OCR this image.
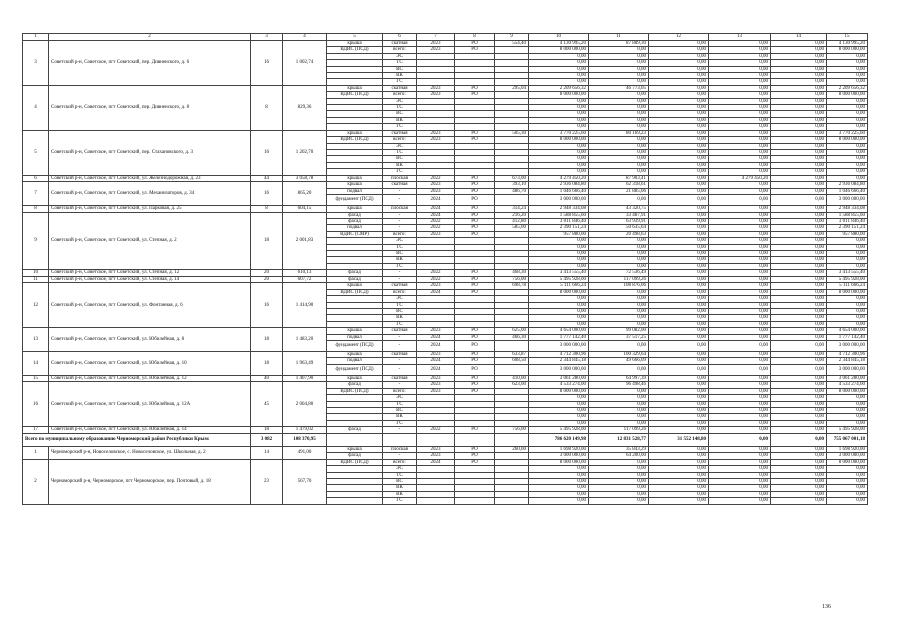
1	2	3	4	5	6	7	8	9	10	11	12	13	14	15
3	Советский р-н, Советское, пгт Советский, пер. Дивненского, д. 6	16	1 002,74	крыша	скатная	2023	РО	554,40	4 130 995,20	87 889,30	0,00	0,00	0,00	4 130 995,20
				ВДИС (ПСД)	всего:	2023	РО		8 000 000,00	0,00	0,00	0,00	0,00	8 000 000,00
					ЭС				0,00	0,00	0,00	0,00	0,00	0,00
					ТС				0,00	0,00	0,00	0,00	0,00	0,00
					ВС				0,00	0,00	0,00	0,00	0,00	0,00
					ВК				0,00	0,00	0,00	0,00	0,00	0,00
					ГС				0,00	0,00	0,00	0,00	0,00	0,00
4	Советский р-н, Советское, пгт Советский, пер. Дивненского, д. 8	8	829,36	крыша	скатная	2023	РО	295,04	2 209 656,32	46 773,05	0,00	0,00	0,00	2 209 656,32
				ВДИС (ПСД)	всего:	2023	РО		8 000 000,00	0,00	0,00	0,00	0,00	8 000 000,00
					ЭС				0,00	0,00	0,00	0,00	0,00	0,00
					ТС				0,00	0,00	0,00	0,00	0,00	0,00
					ВС				0,00	0,00	0,00	0,00	0,00	0,00
					ВК				0,00	0,00	0,00	0,00	0,00	0,00
					ГС				0,00	0,00	0,00	0,00	0,00	0,00
5	Советский р-н, Советское, пгт Советский, пер. Стахановского, д. 3	16	1 202,70	крыша	скатная	2023	РО	505,30	3 770 225,60	80 169,23	0,00	0,00	0,00	3 770 225,60
				ВДИС (ПСД)	всего:	2023	РО		8 000 000,00	0,00	0,00	0,00	0,00	8 000 000,00
					ЭС				0,00	0,00	0,00	0,00	0,00	0,00
					ТС				0,00	0,00	0,00	0,00	0,00	0,00
					ВС				0,00	0,00	0,00	0,00	0,00	0,00
					ВК				0,00	0,00	0,00	0,00	0,00	0,00
					ГС				0,00	0,00	0,00	0,00	0,00	0,00
6	Советский р-н, Советское, пгт Советский, ул. Железнодорожная, д. 23	44	3 058,78	крыша	плоская	2022	РО	673,00	4 279 450,20	87 903,41	0,00	4 279 450,20	0,00	0,00
7	Советский р-н, Советское, пгт Советский, ул. Механизаторов, д. 34	16	865,20	крыша	скатная	2023	РО	393,10	2 936 084,80	62 318,61	0,00	0,00	0,00	2 936 084,80
				подвал	-	2023	РО	486,70	1 046 666,40	21 885,06	0,00	0,00	0,00	1 046 666,40
				фундамент (ПСД)	-	2024	РО		3 000 000,00	0,00	0,00	0,00	0,00	3 000 000,00
8	Советский р-н, Советское, пгт Советский, ул. Парковая, д. 25	8	604,15	крыша	плоская	2024	РО	314,24	2 948 334,08	43 320,75	0,00	0,00	0,00	2 948 334,08
9	Советский р-н, Советское, пгт Советский, ул. Степная, д. 2	18	2 001,83	фасад	-	2024	РО	216,20	1 588 855,60	33 487,91	0,00	0,00	0,00	1 588 855,60
				фасад	-	2022	РО	412,80	3 011 846,40	63 939,91	0,00	0,00	0,00	3 011 846,40
				подвал	-	2022	РО	585,00	2 390 151,24	50 635,64	0,00	0,00	0,00	2 390 151,24
				ВДИС (СМР)	всего:	2023	РО		957 880,00	20 498,63	0,00	0,00	0,00	957 880,00
					ЭС				0,00	0,00	0,00	0,00	0,00	0,00
					ТС				0,00	0,00	0,00	0,00	0,00	0,00
					ВС				0,00	0,00	0,00	0,00	0,00	0,00
					ВК				0,00	0,00	0,00	0,00	0,00	0,00
					ГС				0,00	0,00	0,00	0,00	0,00	0,00
10	Советский р-н, Советское, пгт Советский, ул. Степная, д. 12	20	610,13	фасад	-	2022	РО	468,30	3 413 555,40	72 536,49	0,00	0,00	0,00	3 413 555,40
11	Советский р-н, Советское, пгт Советский, ул. Степная, д. 14	20	607,72	фасад	-	2022	РО	756,00	5 495 928,00	117 099,26	0,00	0,00	0,00	5 495 928,00
12	Советский р-н, Советское, пгт Советский, ул. Фонтанная, д. 6	16	1 414,90	крыша	скатная	2023	РО	698,78	5 111 666,24	108 876,06	0,00	0,00	0,00	5 111 666,24
				ВДИС (ПСД)	всего:	2024	РО		8 000 000,00	0,00	0,00	0,00	0,00	8 000 000,00
					ЭС				0,00	0,00	0,00	0,00	0,00	0,00
					ТС				0,00	0,00	0,00	0,00	0,00	0,00
					ВС				0,00	0,00	0,00	0,00	0,00	0,00
					ВК				0,00	0,00	0,00	0,00	0,00	0,00
					ГС				0,00	0,00	0,00	0,00	0,00	0,00
13	Советский р-н, Советское, пгт Советский, ул. Юбилейная, д. 8	18	1 483,20	крыша	скатная	2023	РО	625,00	4 654 000,00	99 082,00	0,00	0,00	0,00	4 654 000,00
				подвал	-	2024	РО	466,30	1 777 142,40	37 517,25	0,00	0,00	0,00	1 777 142,40
				фундамент (ПСД)	-	2024	РО		3 000 000,00	0,00	0,00	0,00	0,00	3 000 000,00
14	Советский р-н, Советское, пгт Советский, ул. Юбилейная, д. 10	18	1 963,49	крыша	скатная	2023	РО	633,87	4 712 300,96	100 329,64	0,00	0,00	0,00	4 712 300,96
				подвал	-	2024	РО	608,50	2 344 845,18	49 666,09	0,00	0,00	0,00	2 344 845,18
				фундамент (ПСД)	-	2024	РО		3 000 000,00	0,00	0,00	0,00	0,00	3 000 000,00
15	Советский р-н, Советское, пгт Советский, ул. Юбилейная, д. 12	40	1 407,90	крыша	скатная	2023	РО	410,00	3 061 280,00	64 997,39	0,00	0,00	0,00	3 061 280,00
16	Советский р-н, Советское, пгт Советский, ул. Юбилейная, д. 12А	45	2 004,80	фасад	-	2023	РО	623,00	4 533 274,00	96 498,46	0,00	0,00	0,00	4 533 274,00
				ВДИС (ПСД)	всего:	2023	РО		8 000 000,00	0,00	0,00	0,00	0,00	8 000 000,00
					ЭС				0,00	0,00	0,00	0,00	0,00	0,00
					ТС				0,00	0,00	0,00	0,00	0,00	0,00
					ВС				0,00	0,00	0,00	0,00	0,00	0,00
					ВК				0,00	0,00	0,00	0,00	0,00	0,00
					ГС				0,00	0,00	0,00	0,00	0,00	0,00
17	Советский р-н, Советское, пгт Советский, ул. Юбилейная, д. 14	18	1 479,02	фасад	-	2022	РО	756,00	5 495 928,00	117 099,26	0,00	0,00	0,00	5 495 928,00
Всего по муниципальному образованию Черноморский район Республики Крым:		3 082	108 370,95						786 620 149,98	12 831 528,77	31 552 148,80	0,00	0,00	755 067 001,18
1	Черноморский р-н, Новоселовское, с. Новоселовское, ул. Школьная, д. 2	14	491,00	крыша	плоская	2023	РО	260,00	1 698 920,00	35 843,29	0,00	0,00	0,00	1 698 920,00
				фасад	-	2023	РО		3 000 000,00	64 200,00	0,00	0,00	0,00	3 000 000,00
2	Черноморский р-н, Черноморское, пгт Черноморское, пер. Почтовый, д. 18	23	567,70	ВДИС (ПСД)	всего:	2024	РО		8 000 000,00	0,00	0,00	0,00	0,00	8 000 000,00
					ЭС				0,00	0,00	0,00	0,00	0,00	0,00
					ТС				0,00	0,00	0,00	0,00	0,00	0,00
					ВС				0,00	0,00	0,00	0,00	0,00	0,00
					ВК				0,00	0,00	0,00	0,00	0,00	0,00
					ВК				0,00	0,00	0,00	0,00	0,00	0,00
					ГС				0,00	0,00	0,00	0,00	0,00	0,00
136
